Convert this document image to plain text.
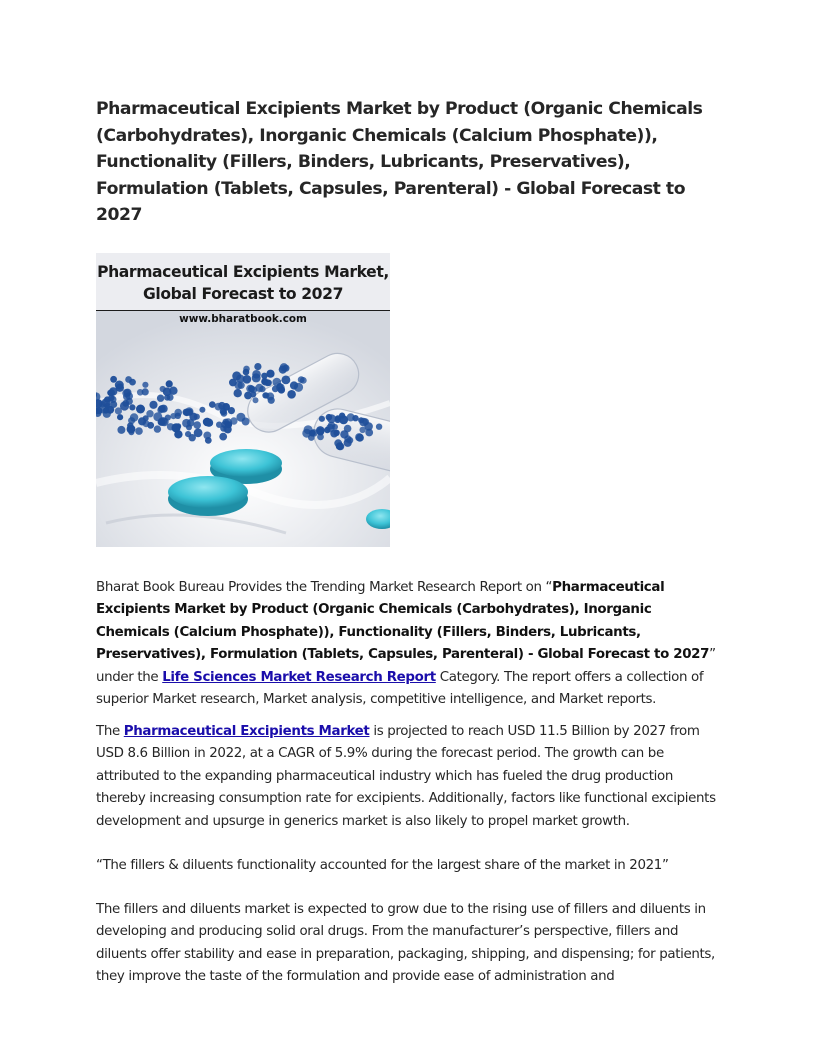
Pharmaceutical Excipients Market by Product (Organic Chemicals (Carbohydrates), Inorganic Chemicals (Calcium Phosphate)), Functionality (Fillers, Binders, Lubricants, Preservatives), Formulation (Tablets, Capsules, Parenteral) - Global Forecast to 2027
Pharmaceutical Excipients Market, Global Forecast to 2027
www.bharatbook.com

Bharat Book Bureau Provides the Trending Market Research Report on “Pharmaceutical Excipients Market by Product (Organic Chemicals (Carbohydrates), Inorganic Chemicals (Calcium Phosphate)), Functionality (Fillers, Binders, Lubricants, Preservatives), Formulation (Tablets, Capsules, Parenteral) - Global Forecast to 2027” under the Life Sciences Market Research Report Category. The report offers a collection of superior Market research, Market analysis, competitive intelligence, and Market reports.

The Pharmaceutical Excipients Market is projected to reach USD 11.5 Billion by 2027 from USD 8.6 Billion in 2022, at a CAGR of 5.9% during the forecast period. The growth can be attributed to the expanding pharmaceutical industry which has fueled the drug production thereby increasing consumption rate for excipients. Additionally, factors like functional excipients development and upsurge in generics market is also likely to propel market growth.

“The fillers & diluents functionality accounted for the largest share of the market in 2021”

The fillers and diluents market is expected to grow due to the rising use of fillers and diluents in developing and producing solid oral drugs. From the manufacturer’s perspective, fillers and diluents offer stability and ease in preparation, packaging, shipping, and dispensing; for patients, they improve the taste of the formulation and provide ease of administration and
